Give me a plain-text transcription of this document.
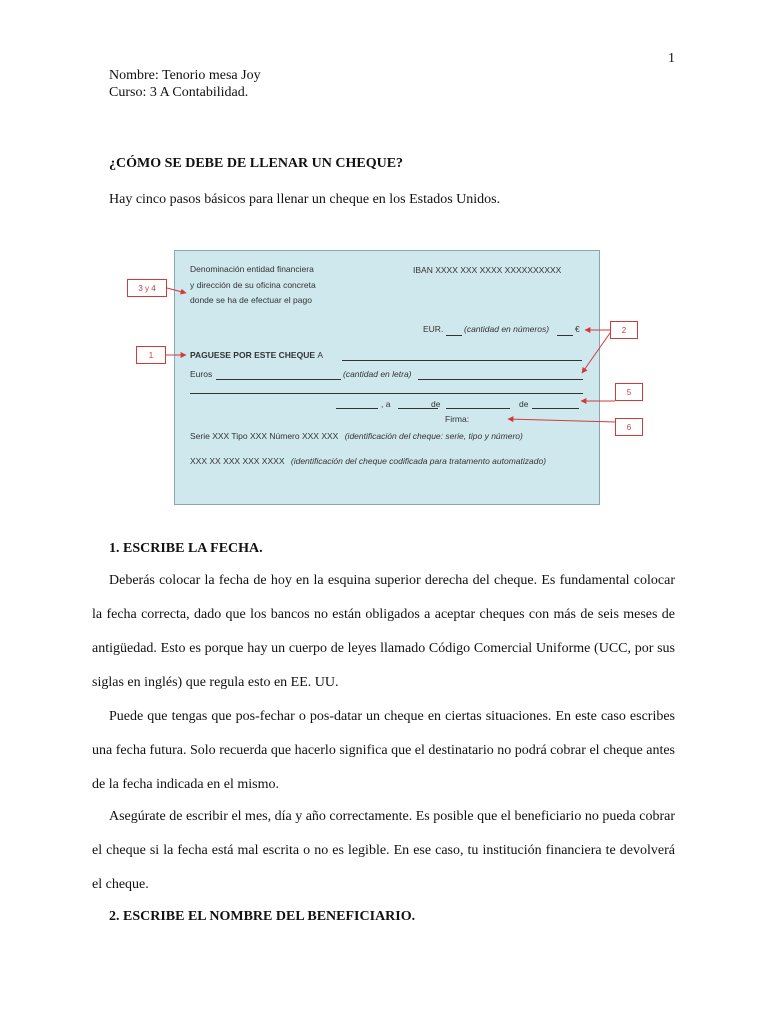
1
Nombre: Tenorio mesa Joy
Curso: 3 A Contabilidad.
¿CÓMO SE DEBE DE LLENAR UN CHEQUE?
Hay cinco pasos básicos para llenar un cheque en los Estados Unidos.
Denominación entidad financiera
y dirección de su oficina concreta
donde se ha de efectuar el pago
IBAN XXXX XXX XXXX XXXXXXXXXX
EUR. (cantidad en números)	€
PAGUESE POR ESTE CHEQUE A
Euros	(cantidad en letra)
, a	de	de
Firma:
Serie XXX Tipo XXX Número XXX XXX (identificación del cheque: serie, tipo y número)
XXX XX XXX XXX XXXX (identificación del cheque codificada para tratamento automatizado)
3 y 4
1
2
5
6
1. ESCRIBE LA FECHA.

Deberás colocar la fecha de hoy en la esquina superior derecha del cheque. Es fundamental colocar la fecha correcta, dado que los bancos no están obligados a aceptar cheques con más de seis meses de antigüedad. Esto es porque hay un cuerpo de leyes llamado Código Comercial Uniforme (UCC, por sus siglas en inglés) que regula esto en EE. UU.

Puede que tengas que pos-fechar o pos-datar un cheque en ciertas situaciones. En este caso escribes una fecha futura. Solo recuerda que hacerlo significa que el destinatario no podrá cobrar el cheque antes de la fecha indicada en el mismo.

Asegúrate de escribir el mes, día y año correctamente. Es posible que el beneficiario no pueda cobrar el cheque si la fecha está mal escrita o no es legible. En ese caso, tu institución financiera te devolverá el cheque.

2. ESCRIBE EL NOMBRE DEL BENEFICIARIO.
